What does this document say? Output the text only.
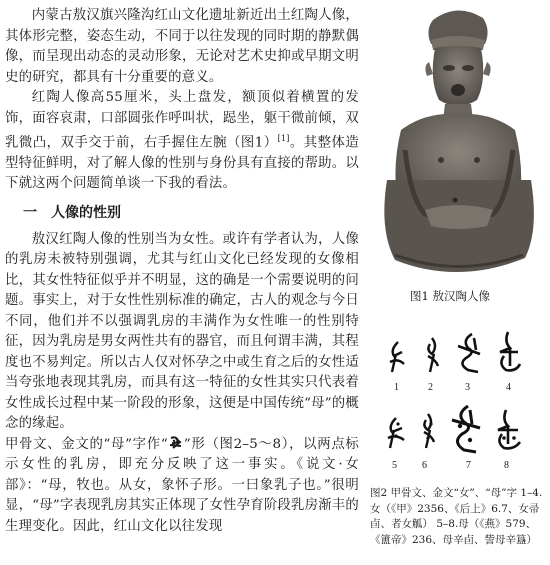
内蒙古敖汉旗兴隆沟红山文化遗址新近出土红陶人像，其体形完整，姿态生动，不同于以往发现的同时期的静默偶像，而呈现出动态的灵动形象，无论对艺术史抑或早期文明史的研究，都具有十分重要的意义。

红陶人像高55厘米，头上盘发，额顶似着横置的发饰，面容哀肃，口部圆张作呼叫状，跽坐，躯干微前倾，双乳微凸，双手交于前，右手握住左腕（图1）[1]。其整体造型特征鲜明，对了解人像的性别与身份具有直接的帮助。以下就这两个问题简单谈一下我的看法。

一 人像的性别

敖汉红陶人像的性别当为女性。或许有学者认为，人像的乳房未被特别强调，尤其与红山文化已经发现的女像相比，其女性特征似乎并不明显，这的确是一个需要说明的问题。事实上，对于女性性别标准的确定，古人的观念与今日不同，他们并不以强调乳房的丰满作为女性唯一的性别特征，因为乳房是男女两性共有的器官，而且何谓丰满，其程度也不易判定。所以古人仅对怀孕之中或生育之后的女性适当夸张地表现其乳房，而具有这一特征的女性其实只代表着女性成长过程中某一阶段的形象，这便是中国传统“母”的概念的缘起。

甲骨文、金文的“母”字作“ ”形（图2–5～8），以两点标示女性的乳房，即充分反映了这一事实。《说文·女部》：“母，牧也。从女，象怀子形。一曰象乳子也。”很明显，“母”字表现乳房其实正体现了女性孕育阶段乳房渐丰的生理变化。因此，红山文化以往发现

图1 敖汉陶人像
1	2	3	4
5	6	7	8
图2 甲骨文、金文“女”、“母”字 1–4.女（《甲》2356、《后上》6.7、女帚卣、者女觚） 5–8.母（《燕》579、《簠帝》236、母辛卣、訾母辛簋）
